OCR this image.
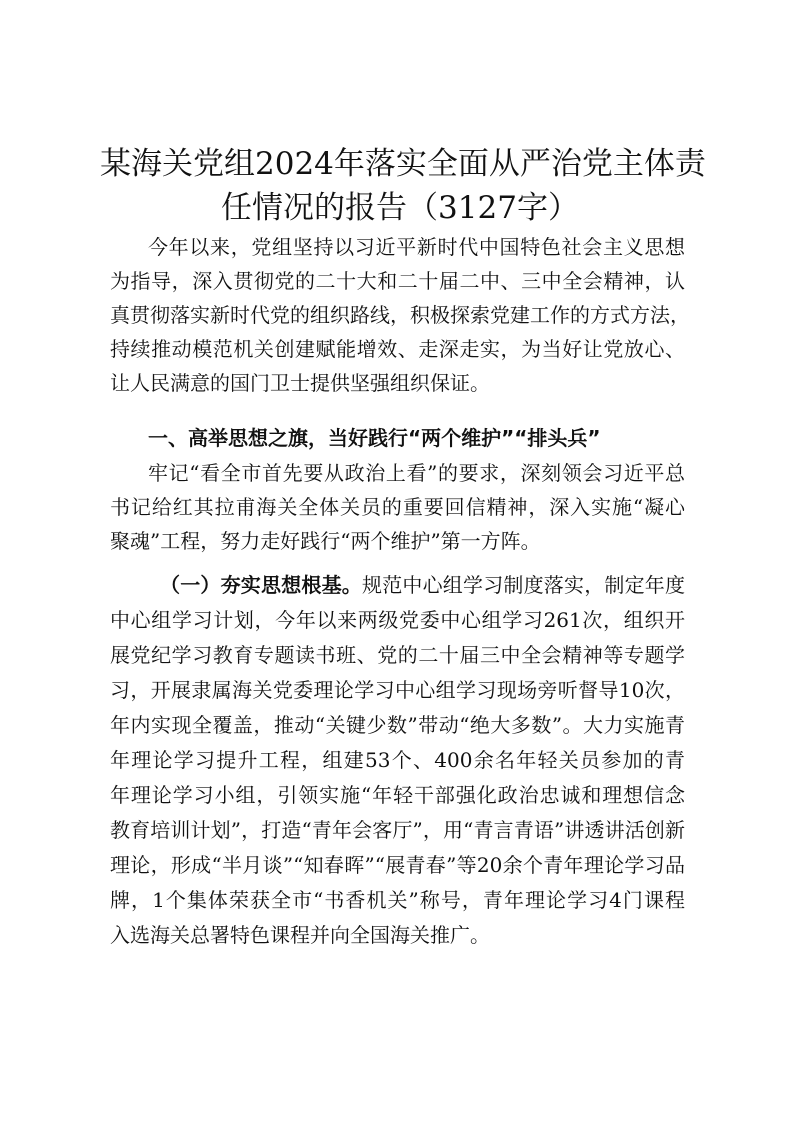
某海关党组2024年落实全面从严治党主体责
任情况的报告（3127字）
今年以来，党组坚持以习近平新时代中国特色社会主义思想
为指导，深入贯彻党的二十大和二十届二中、三中全会精神，认
真贯彻落实新时代党的组织路线，积极探索党建工作的方式方法，
持续推动模范机关创建赋能增效、走深走实，为当好让党放心、
让人民满意的国门卫士提供坚强组织保证。
一、高举思想之旗，当好践行“两个维护”“排头兵”
牢记“看全市首先要从政治上看”的要求，深刻领会习近平总
书记给红其拉甫海关全体关员的重要回信精神，深入实施“凝心
聚魂”工程，努力走好践行“两个维护”第一方阵。
（一）夯实思想根基。规范中心组学习制度落实，制定年度
中心组学习计划，今年以来两级党委中心组学习261次，组织开
展党纪学习教育专题读书班、党的二十届三中全会精神等专题学
习，开展隶属海关党委理论学习中心组学习现场旁听督导10次，
年内实现全覆盖，推动“关键少数”带动“绝大多数”。大力实施青
年理论学习提升工程，组建53个、400余名年轻关员参加的青
年理论学习小组，引领实施“年轻干部强化政治忠诚和理想信念
教育培训计划”，打造“青年会客厅”，用“青言青语”讲透讲活创新
理论，形成“半月谈”“知春晖”“展青春”等20余个青年理论学习品
牌，1个集体荣获全市“书香机关”称号，青年理论学习4门课程
入选海关总署特色课程并向全国海关推广。
